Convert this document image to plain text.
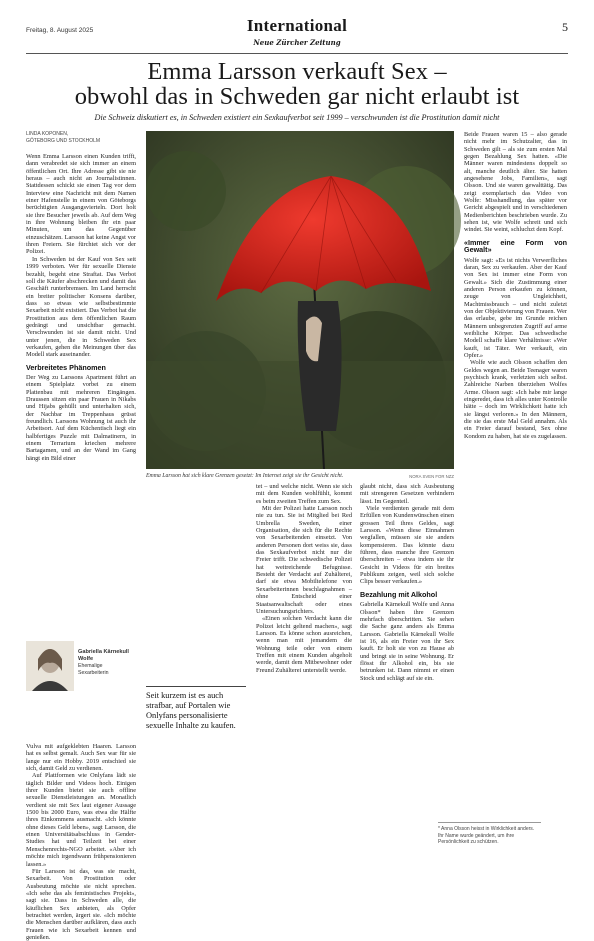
Freitag, 8. August 2025	International
Neue Zürcher Zeitung
5
Emma Larsson verkauft Sex –
obwohl das in Schweden gar nicht erlaubt ist
Die Schweiz diskutiert es, in Schweden existiert ein Sexkaufverbot seit 1999 – verschwunden ist die Prostitution damit nicht
LINDA KOPONEN,
GÖTEBORG UND STOCKHOLM

Wenn Emma Larsson einen Kunden trifft, dann verabredet sie sich immer an einem öffentlichen Ort. Ihre Adresse gibt sie nie heraus – auch nicht an Journalistinnen. Stattdessen schickt sie einen Tag vor dem Interview eine Nachricht mit dem Namen einer Hafenstelle in einem von Göteborgs berüchtigten Ausgangsvierteln. Dort holt sie ihre Besucher jeweils ab. Auf dem Weg in ihre Wohnung bleiben ihr ein paar Minuten, um das Gegenüber einzuschätzen. Larsson hat keine Angst vor ihren Freiern. Sie fürchtet sich vor der Polizei.

In Schweden ist der Kauf von Sex seit 1999 verboten. Wer für sexuelle Dienste bezahlt, begeht eine Straftat. Das Verbot soll die Käufer abschrecken und damit das Geschäft runterbremsen. Im Land herrscht ein breiter politischer Konsens darüber, dass so etwas wie selbstbestimmte Sexarbeit nicht existiert. Das Verbot hat die Prostitution aus dem öffentlichen Raum gedrängt und unsichtbar gemacht. Verschwunden ist sie damit nicht. Und unter jenen, die in Schweden Sex verkaufen, gehen die Meinungen über das Modell stark auseinander.

Verbreitetes Phänomen

Der Weg zu Larssons Apartment führt an einem Spielplatz vorbei zu einem Plattenbau mit mehreren Eingängen. Draussen sitzen ein paar Frauen in Nikabs und Hijabs gehüllt und unterhalten sich, der Nachbar im Treppenhaus grüsst freundlich. Larssons Wohnung ist auch ihr Arbeitsort. Auf dem Küchentisch liegt ein halbfertiges Puzzle mit Dalmatinern, in einem Terrarium kriechen mehrere Bartagamen, und an der Wand im Gang hängt ein Bild einer

Gabriella Kärnekull Wolfe
Ehemalige
Sexarbeiterin

Vulva mit aufgeklebten Haaren. Larsson hat es selbst gemalt. Auch Sex war für sie lange nur ein Hobby. 2019 entschied sie sich, damit Geld zu verdienen.

Auf Plattformen wie Onlyfans lädt sie täglich Bilder und Videos hoch. Einigen ihrer Kunden bietet sie auch offline sexuelle Dienstleistungen an. Monatlich verdient sie mit Sex laut eigener Aussage 1500 bis 2000 Euro, was etwa die Hälfte ihres Einkommens ausmacht. «Ich könnte ohne dieses Geld leben», sagt Larsson, die einen Universitätsabschluss in Gender-Studies hat und Teilzeit bei einer Menschenrechts-NGO arbeitet. «Aber ich möchte mich irgendwann frühpensionieren lassen.»

Für Larsson ist das, was sie macht, Sexarbeit. Von Prostitution oder Ausbeutung möchte sie nicht sprechen. «Ich sehe das als feministisches Projekt», sagt sie. Dass in Schweden alle, die käuflichen Sex anbieten, als Opfer betrachtet werden, ärgert sie. «Ich möchte die Menschen darüber aufklären, dass auch Frauen wie ich Sexarbeit kennen und genießen.

Emma Larsson hat sich klare Grenzen gesetzt: Im Internet zeigt sie ihr Gesicht nicht.	NORA SVEN FOR NZZ
Seit kurzem ist es auch strafbar, auf Portalen wie Onlyfans personalisierte sexuelle Inhalte zu kaufen.

tet – und welche nicht. Wenn sie sich mit dem Kunden wohlfühlt, kommt es beim zweiten Treffen zum Sex.

Mit der Polizei hatte Larsson noch nie zu tun. Sie ist Mitglied bei Red Umbrella Sweden, einer Organisation, die sich für die Rechte von Sexarbeitenden einsetzt. Von anderen Personen dort weiss sie, dass das Sexkaufverbot nicht nur die Freier trifft. Die schwedische Polizei hat weitreichende Befugnisse. Besteht der Verdacht auf Zuhälterei, darf sie etwa Mobiltelefone von Sexarbeiterinnen beschlagnahmen – ohne Entscheid einer Staatsanwaltschaft oder eines Untersuchungsrichters.

«Einen solchen Verdacht kann die Polizei leicht geltend machen», sagt Larsson. Es könne schon ausreichen, wenn man mit jemandem die Wohnung teile oder von einem Treffen mit einem Kunden abgeholt werde, damit dem Mitbewohner oder Freund Zuhälterei unterstellt werde.

glaubt nicht, dass sich Ausbeutung mit strengeren Gesetzen verhindern lässt. Im Gegenteil.

Viele verdienten gerade mit dem Erfüllen von Kundenwünschen einen grossen Teil ihres Geldes, sagt Larsson. «Wenn diese Einnahmen wegfallen, müssen sie sie anders kompensieren. Das könnte dazu führen, dass manche ihre Grenzen überschreiten – etwa indem sie ihr Gesicht in Videos für ein breites Publikum zeigen, weil sich solche Clips besser verkaufen.»

Bezahlung mit Alkohol

Gabriella Kärnekull Wolfe und Anna Olsson* haben ihre Grenzen mehrfach überschritten. Sie sehen die Sache ganz anders als Emma Larsson. Gabriella Kärnekull Wolfe ist 16, als ein Freier von ihr Sex kauft. Er holt sie von zu Hause ab und bringt sie in seine Wohnung. Er flösst ihr Alkohol ein, bis sie betrunken ist. Dann nimmt er einen Stock und schlägt auf sie ein.

Beide Frauen waren 15 – also gerade nicht mehr im Schutzalter, das in Schweden gilt – als sie zum ersten Mal gegen Bezahlung Sex hatten. «Die Männer waren mindestens doppelt so alt, manche deutlich älter. Sie hatten angesehene Jobs, Familien», sagt Olsson. Und sie waren gewalttätig. Das zeigt exemplarisch das Video von Wolfe: Misshandlung, das später vor Gericht abgespielt und in verschiedenen Medienberichten beschrieben wurde. Zu sehen ist, wie Wolfe schreit und sich windet. Sie weint, schluchzt dem Kopf.

«Immer eine Form von Gewalt»

Wolfe sagt: «Es ist nichts Verwerfliches daran, Sex zu verkaufen. Aber der Kauf von Sex ist immer eine Form von Gewalt.» Sich die Zustimmung einer anderen Person erkaufen zu können, zeuge von Ungleichheit, Machtmissbrauch – und nicht zuletzt von der Objektivierung von Frauen. Wer das erlaube, gebe im Grunde reichen Männern unbegrenzten Zugriff auf arme weibliche Körper. Das schwedische Modell schaffe klare Verhältnisse: «Wer kauft, ist Täter. Wer verkauft, ein Opfer.»

Wolfe wie auch Olsson schaffen den Geldes wegen an. Beide Teenager waren psychisch krank, verletzten sich selbst. Zahlreiche Narben überziehen Wolfes Arme. Olsson sagt: «Ich habe mir lange eingeredet, dass ich alles unter Kontrolle hätte – doch im Wirklichkeit hatte ich sie längst verloren.» In den Männern, die sie das erste Mal Geld annahm. Als ein Freier darauf bestand, Sex ohne Kondom zu haben, hat sie es zugelassen.

* Anna Olsson heisst in Wirklichkeit anders. Ihr Name wurde geändert, um ihre Persönlichkeit zu schützen.
